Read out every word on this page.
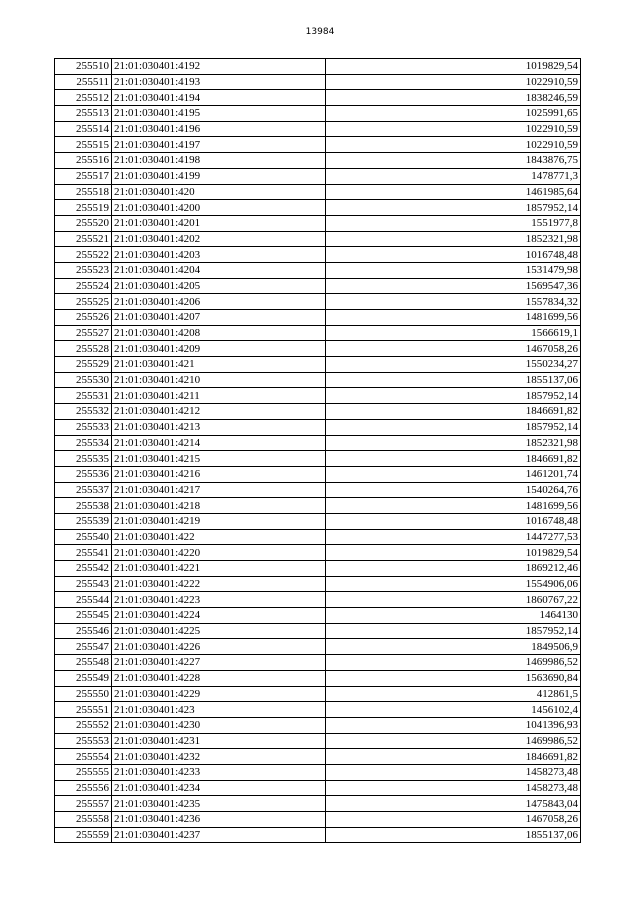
13984
255510	21:01:030401:4192	1019829,54
255511	21:01:030401:4193	1022910,59
255512	21:01:030401:4194	1838246,59
255513	21:01:030401:4195	1025991,65
255514	21:01:030401:4196	1022910,59
255515	21:01:030401:4197	1022910,59
255516	21:01:030401:4198	1843876,75
255517	21:01:030401:4199	1478771,3
255518	21:01:030401:420	1461985,64
255519	21:01:030401:4200	1857952,14
255520	21:01:030401:4201	1551977,8
255521	21:01:030401:4202	1852321,98
255522	21:01:030401:4203	1016748,48
255523	21:01:030401:4204	1531479,98
255524	21:01:030401:4205	1569547,36
255525	21:01:030401:4206	1557834,32
255526	21:01:030401:4207	1481699,56
255527	21:01:030401:4208	1566619,1
255528	21:01:030401:4209	1467058,26
255529	21:01:030401:421	1550234,27
255530	21:01:030401:4210	1855137,06
255531	21:01:030401:4211	1857952,14
255532	21:01:030401:4212	1846691,82
255533	21:01:030401:4213	1857952,14
255534	21:01:030401:4214	1852321,98
255535	21:01:030401:4215	1846691,82
255536	21:01:030401:4216	1461201,74
255537	21:01:030401:4217	1540264,76
255538	21:01:030401:4218	1481699,56
255539	21:01:030401:4219	1016748,48
255540	21:01:030401:422	1447277,53
255541	21:01:030401:4220	1019829,54
255542	21:01:030401:4221	1869212,46
255543	21:01:030401:4222	1554906,06
255544	21:01:030401:4223	1860767,22
255545	21:01:030401:4224	1464130
255546	21:01:030401:4225	1857952,14
255547	21:01:030401:4226	1849506,9
255548	21:01:030401:4227	1469986,52
255549	21:01:030401:4228	1563690,84
255550	21:01:030401:4229	412861,5
255551	21:01:030401:423	1456102,4
255552	21:01:030401:4230	1041396,93
255553	21:01:030401:4231	1469986,52
255554	21:01:030401:4232	1846691,82
255555	21:01:030401:4233	1458273,48
255556	21:01:030401:4234	1458273,48
255557	21:01:030401:4235	1475843,04
255558	21:01:030401:4236	1467058,26
255559	21:01:030401:4237	1855137,06
